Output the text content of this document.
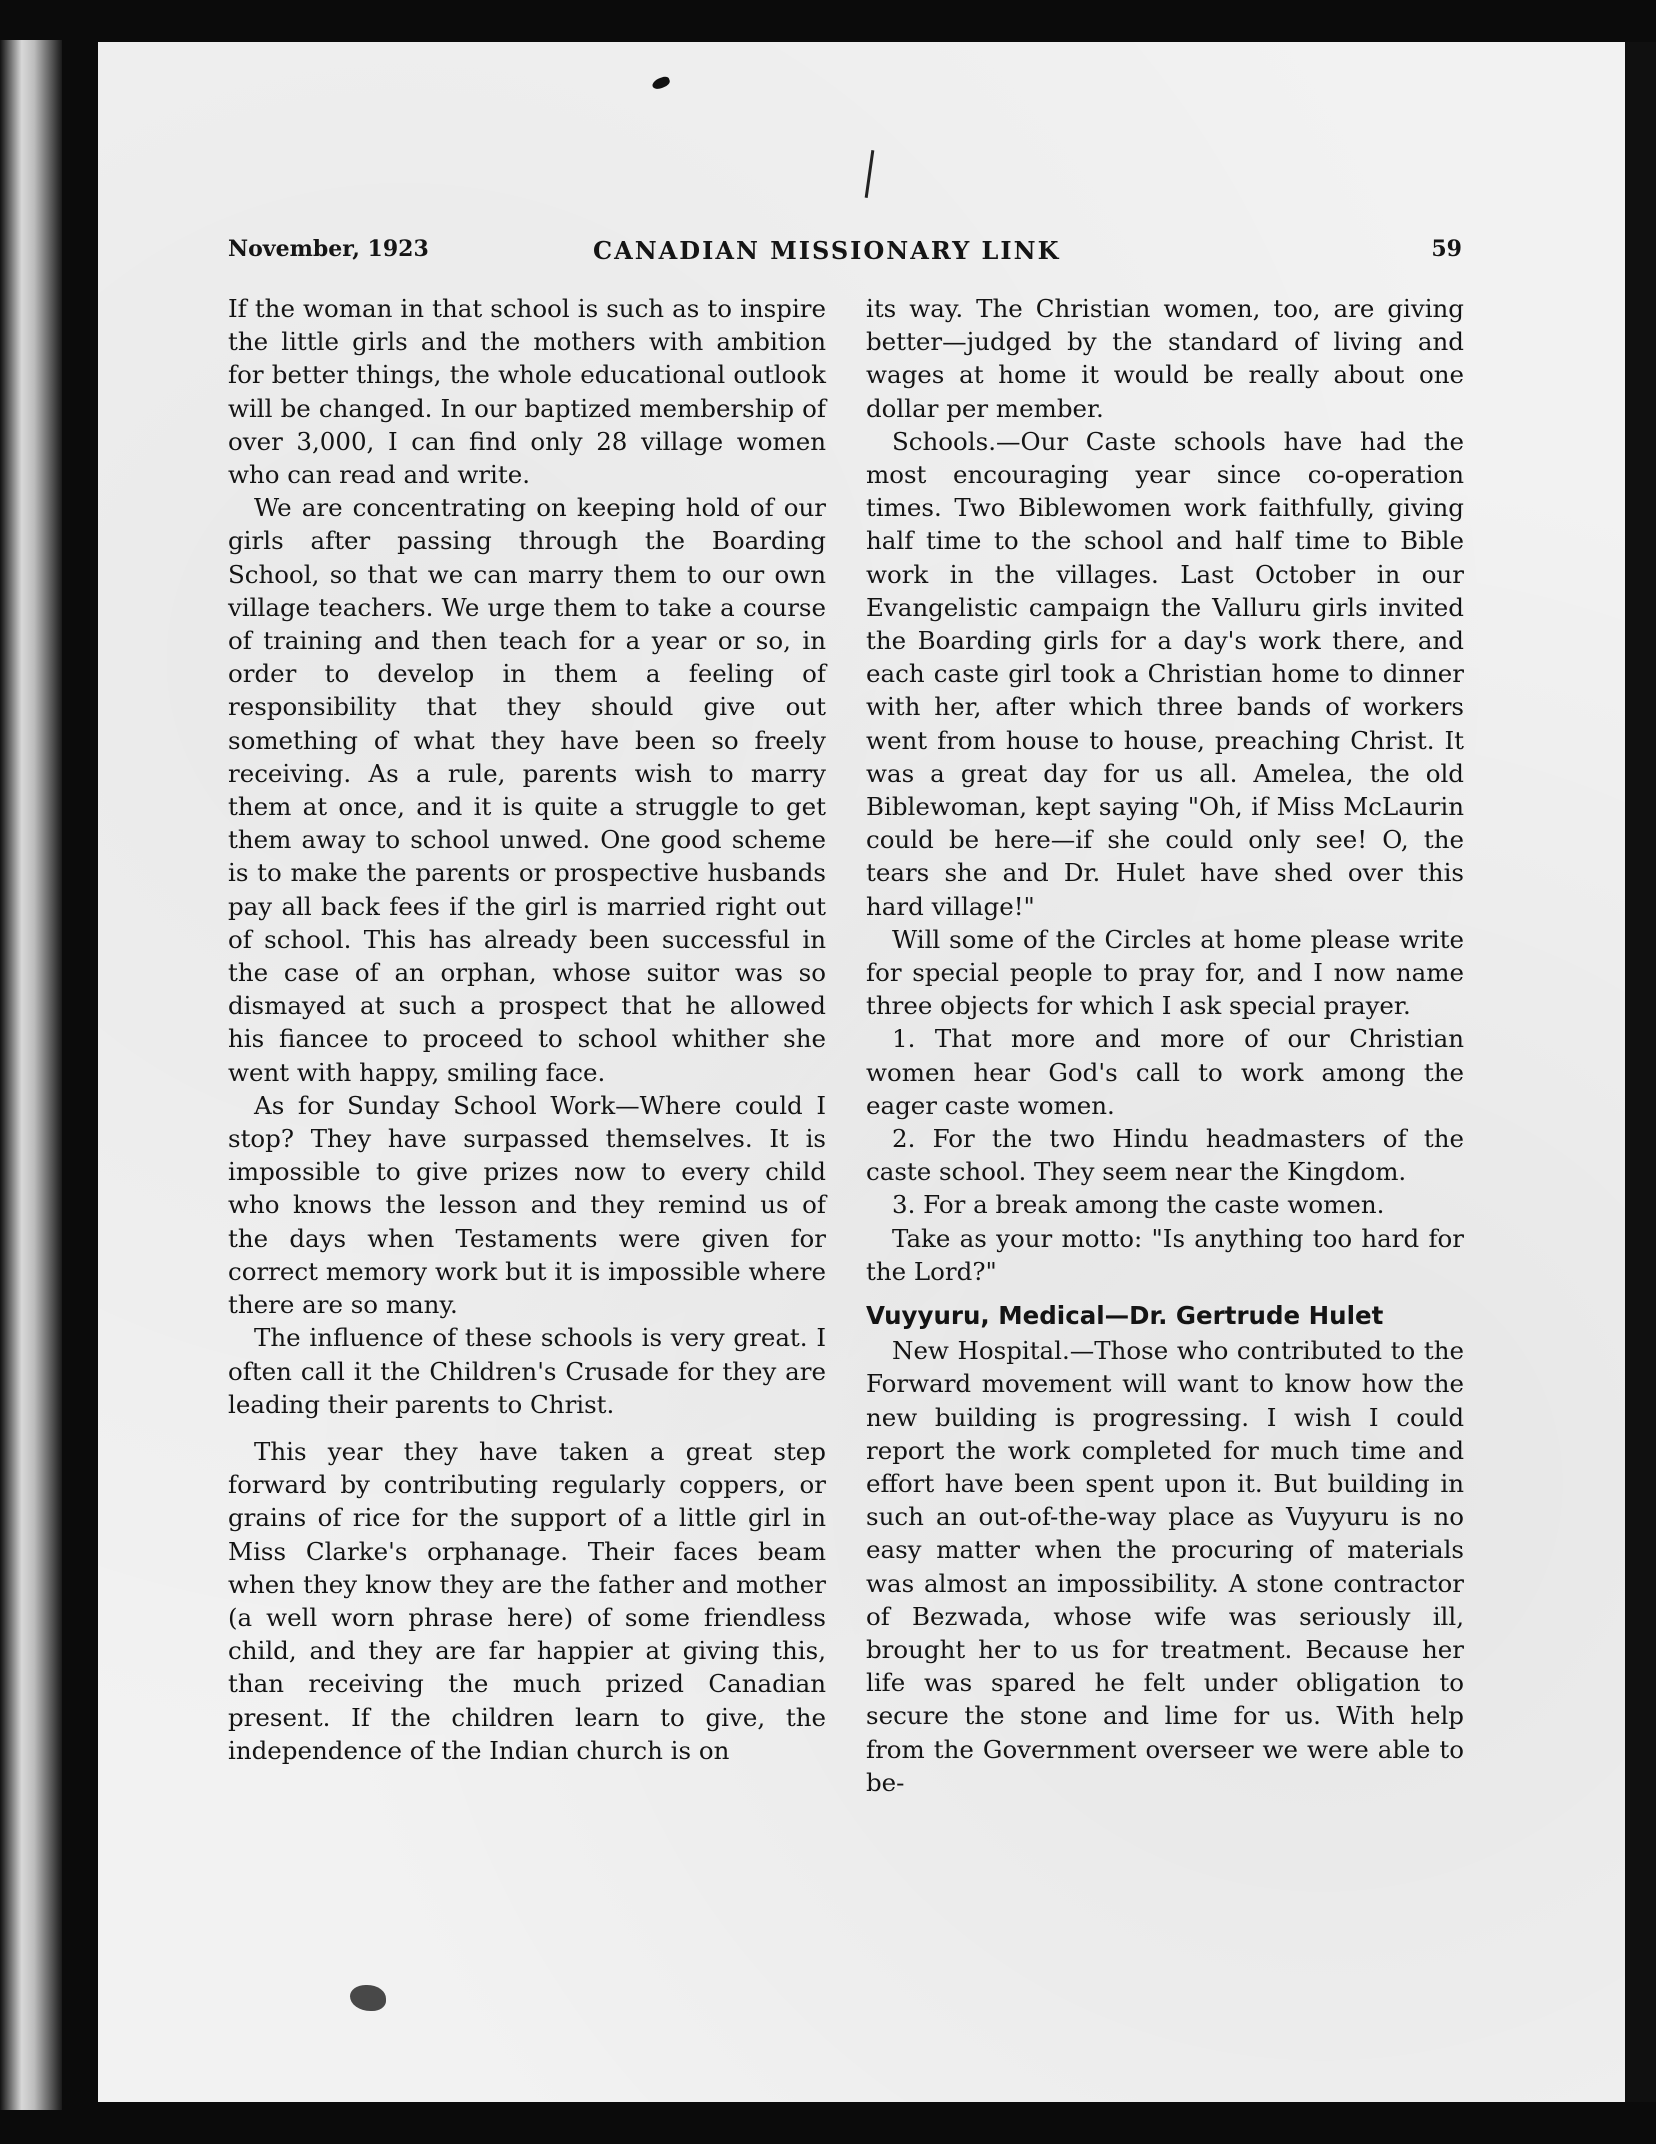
November, 1923	CANADIAN MISSIONARY LINK	59

If the woman in that school is such as to inspire the little girls and the mothers with ambition for better things, the whole educational outlook will be changed. In our baptized membership of over 3,000, I can find only 28 village women who can read and write.

We are concentrating on keeping hold of our girls after passing through the Boarding School, so that we can marry them to our own village teachers. We urge them to take a course of training and then teach for a year or so, in order to develop in them a feeling of responsibility that they should give out something of what they have been so freely receiving. As a rule, parents wish to marry them at once, and it is quite a struggle to get them away to school unwed. One good scheme is to make the parents or prospective husbands pay all back fees if the girl is married right out of school. This has already been successful in the case of an orphan, whose suitor was so dismayed at such a prospect that he allowed his fiancee to proceed to school whither she went with happy, smiling face.

As for Sunday School Work—Where could I stop? They have surpassed themselves. It is impossible to give prizes now to every child who knows the lesson and they remind us of the days when Testaments were given for correct memory work but it is impossible where there are so many.

The influence of these schools is very great. I often call it the Children's Crusade for they are leading their parents to Christ.

This year they have taken a great step forward by contributing regularly coppers, or grains of rice for the support of a little girl in Miss Clarke's orphanage. Their faces beam when they know they are the father and mother (a well worn phrase here) of some friendless child, and they are far happier at giving this, than receiving the much prized Canadian present. If the children learn to give, the independence of the Indian church is on

its way. The Christian women, too, are giving better—judged by the standard of living and wages at home it would be really about one dollar per member.

Schools.—Our Caste schools have had the most encouraging year since co-operation times. Two Biblewomen work faithfully, giving half time to the school and half time to Bible work in the villages. Last October in our Evangelistic campaign the Valluru girls invited the Boarding girls for a day's work there, and each caste girl took a Christian home to dinner with her, after which three bands of workers went from house to house, preaching Christ. It was a great day for us all. Amelea, the old Biblewoman, kept saying "Oh, if Miss McLaurin could be here—if she could only see! O, the tears she and Dr. Hulet have shed over this hard village!"

Will some of the Circles at home please write for special people to pray for, and I now name three objects for which I ask special prayer.

1. That more and more of our Christian women hear God's call to work among the eager caste women.

2. For the two Hindu headmasters of the caste school. They seem near the Kingdom.

3. For a break among the caste women.

Take as your motto: "Is anything too hard for the Lord?"

Vuyyuru, Medical—Dr. Gertrude Hulet

New Hospital.—Those who contributed to the Forward movement will want to know how the new building is progressing. I wish I could report the work completed for much time and effort have been spent upon it. But building in such an out-of-the-way place as Vuyyuru is no easy matter when the procuring of materials was almost an impossibility. A stone contractor of Bezwada, whose wife was seriously ill, brought her to us for treatment. Because her life was spared he felt under obligation to secure the stone and lime for us. With help from the Government overseer we were able to be-
